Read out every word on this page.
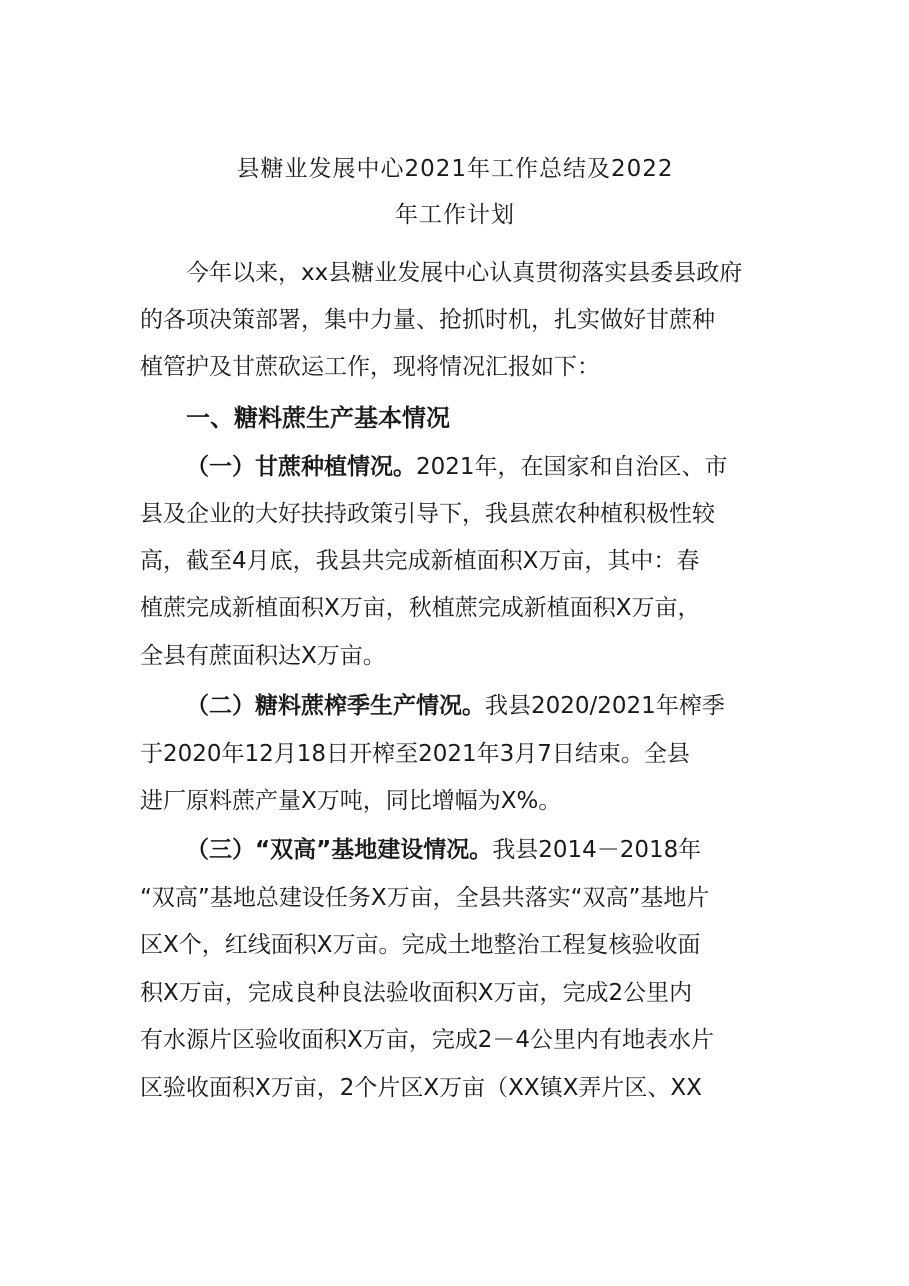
县糖业发展中心2021年工作总结及2022
年工作计划
今年以来，xx县糖业发展中心认真贯彻落实县委县政府
的各项决策部署，集中力量、抢抓时机，扎实做好甘蔗种
植管护及甘蔗砍运工作，现将情况汇报如下：
一、糖料蔗生产基本情况
（一）甘蔗种植情况。2021年，在国家和自治区、市
县及企业的大好扶持政策引导下，我县蔗农种植积极性较
高，截至4月底，我县共完成新植面积X万亩，其中：春
植蔗完成新植面积X万亩，秋植蔗完成新植面积X万亩，
全县有蔗面积达X万亩。
（二）糖料蔗榨季生产情况。我县2020/2021年榨季
于2020年12月18日开榨至2021年3月7日结束。全县
进厂原料蔗产量X万吨，同比增幅为X%。
（三）“双高”基地建设情况。我县2014－2018年
“双高”基地总建设任务X万亩，全县共落实“双高”基地片
区X个，红线面积X万亩。完成土地整治工程复核验收面
积X万亩，完成良种良法验收面积X万亩，完成2公里内
有水源片区验收面积X万亩，完成2－4公里内有地表水片
区验收面积X万亩，2个片区X万亩（XX镇X弄片区、XX
